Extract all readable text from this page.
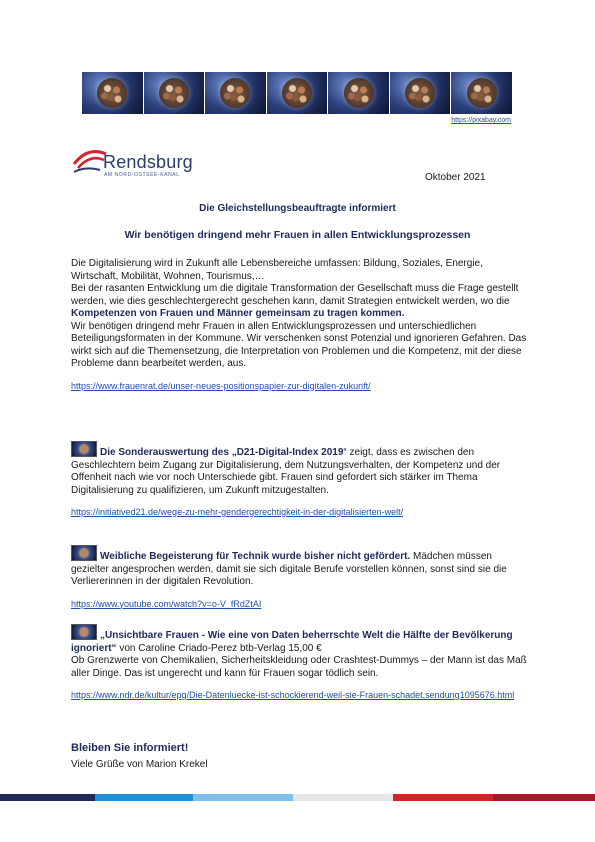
https://pixabay.com
Rendsburg
AM NORD-OSTSEE-KANAL	Oktober 2021
Die Gleichstellungsbeauftragte informiert
Wir benötigen dringend mehr Frauen in allen Entwicklungsprozessen

Die Digitalisierung wird in Zukunft alle Lebensbereiche umfassen: Bildung, Soziales, Energie,

Wirtschaft, Mobilität, Wohnen, Tourismus,…

Bei der rasanten Entwicklung um die digitale Transformation der Gesellschaft muss die Frage gestellt werden, wie dies geschlechtergerecht geschehen kann, damit Strategien entwickelt werden, wo die Kompetenzen von Frauen und Männer gemeinsam zu tragen kommen.

Wir benötigen dringend mehr Frauen in allen Entwicklungsprozessen und unterschiedlichen Beteiligungsformaten in der Kommune. Wir verschenken sonst Potenzial und ignorieren Gefahren. Das wirkt sich auf die Themensetzung, die Interpretation von Problemen und die Kompetenz, mit der diese Probleme dann bearbeitet werden, aus.

https://www.frauenrat.de/unser-neues-positionspapier-zur-digitalen-zukunft/

Die Sonderauswertung des „D21-Digital-Index 2019“ zeigt, dass es zwischen den Geschlechtern beim Zugang zur Digitalisierung, dem Nutzungsverhalten, der Kompetenz und der Offenheit nach wie vor noch Unterschiede gibt. Frauen sind gefordert sich stärker im Thema Digitalisierung zu qualifizieren, um Zukunft mitzugestalten.

https://initiatived21.de/wege-zu-mehr-gendergerechtigkeit-in-der-digitalisierten-welt/

Weibliche Begeisterung für Technik wurde bisher nicht gefördert. Mädchen müssen gezielter angesprochen werden, damit sie sich digitale Berufe vorstellen können, sonst sind sie die Verliererinnen in der digitalen Revolution.

https://www.youtube.com/watch?v=o-V_fRdZtAI

„Unsichtbare Frauen - Wie eine von Daten beherrschte Welt die Hälfte der Bevölkerung ignoriert“ von Caroline Criado-Perez btb-Verlag 15,00 €

Ob Grenzwerte von Chemikalien, Sicherheitskleidung oder Crashtest-Dummys – der Mann ist das Maß aller Dinge. Das ist ungerecht und kann für Frauen sogar tödlich sein.

https://www.ndr.de/kultur/epg/Die-Datenluecke-ist-schockierend-weil-sie-Frauen-schadet,sendung1095676.html

Bleiben Sie informiert!

Viele Grüße von Marion Krekel
